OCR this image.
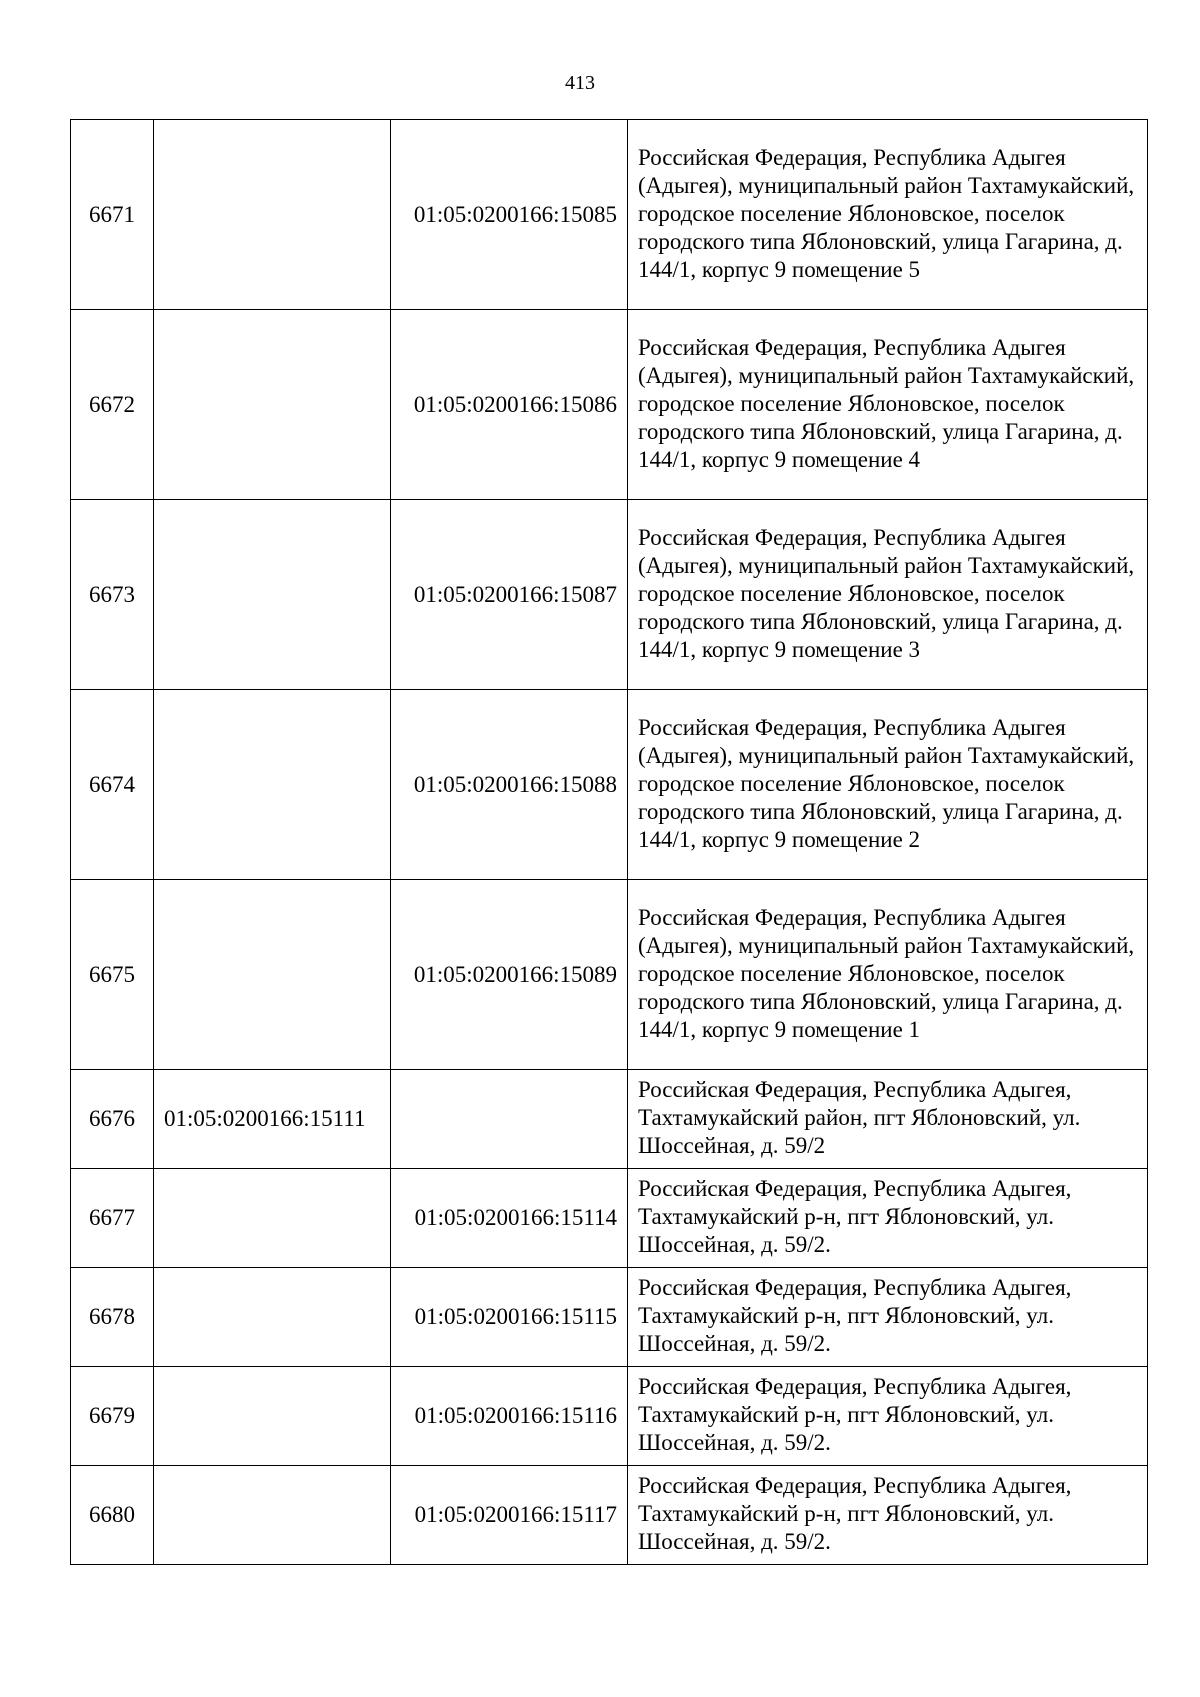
413
6671		01:05:0200166:15085	Российская Федерация, Республика Адыгея (Адыгея), муниципальный район Тахтамукайский, городское поселение Яблоновское, поселок городского типа Яблоновский, улица Гагарина, д. 144/1, корпус 9 помещение 5
6672		01:05:0200166:15086	Российская Федерация, Республика Адыгея (Адыгея), муниципальный район Тахтамукайский, городское поселение Яблоновское, поселок городского типа Яблоновский, улица Гагарина, д. 144/1, корпус 9 помещение 4
6673		01:05:0200166:15087	Российская Федерация, Республика Адыгея (Адыгея), муниципальный район Тахтамукайский, городское поселение Яблоновское, поселок городского типа Яблоновский, улица Гагарина, д. 144/1, корпус 9 помещение 3
6674		01:05:0200166:15088	Российская Федерация, Республика Адыгея (Адыгея), муниципальный район Тахтамукайский, городское поселение Яблоновское, поселок городского типа Яблоновский, улица Гагарина, д. 144/1, корпус 9 помещение 2
6675		01:05:0200166:15089	Российская Федерация, Республика Адыгея (Адыгея), муниципальный район Тахтамукайский, городское поселение Яблоновское, поселок городского типа Яблоновский, улица Гагарина, д. 144/1, корпус 9 помещение 1
6676	01:05:0200166:15111		Российская Федерация, Республика Адыгея, Тахтамукайский район, пгт Яблоновский, ул. Шоссейная, д. 59/2
6677		01:05:0200166:15114	Российская Федерация, Республика Адыгея, Тахтамукайский р-н, пгт Яблоновский, ул. Шоссейная, д. 59/2.
6678		01:05:0200166:15115	Российская Федерация, Республика Адыгея, Тахтамукайский р-н, пгт Яблоновский, ул. Шоссейная, д. 59/2.
6679		01:05:0200166:15116	Российская Федерация, Республика Адыгея, Тахтамукайский р-н, пгт Яблоновский, ул. Шоссейная, д. 59/2.
6680		01:05:0200166:15117	Российская Федерация, Республика Адыгея, Тахтамукайский р-н, пгт Яблоновский, ул. Шоссейная, д. 59/2.
